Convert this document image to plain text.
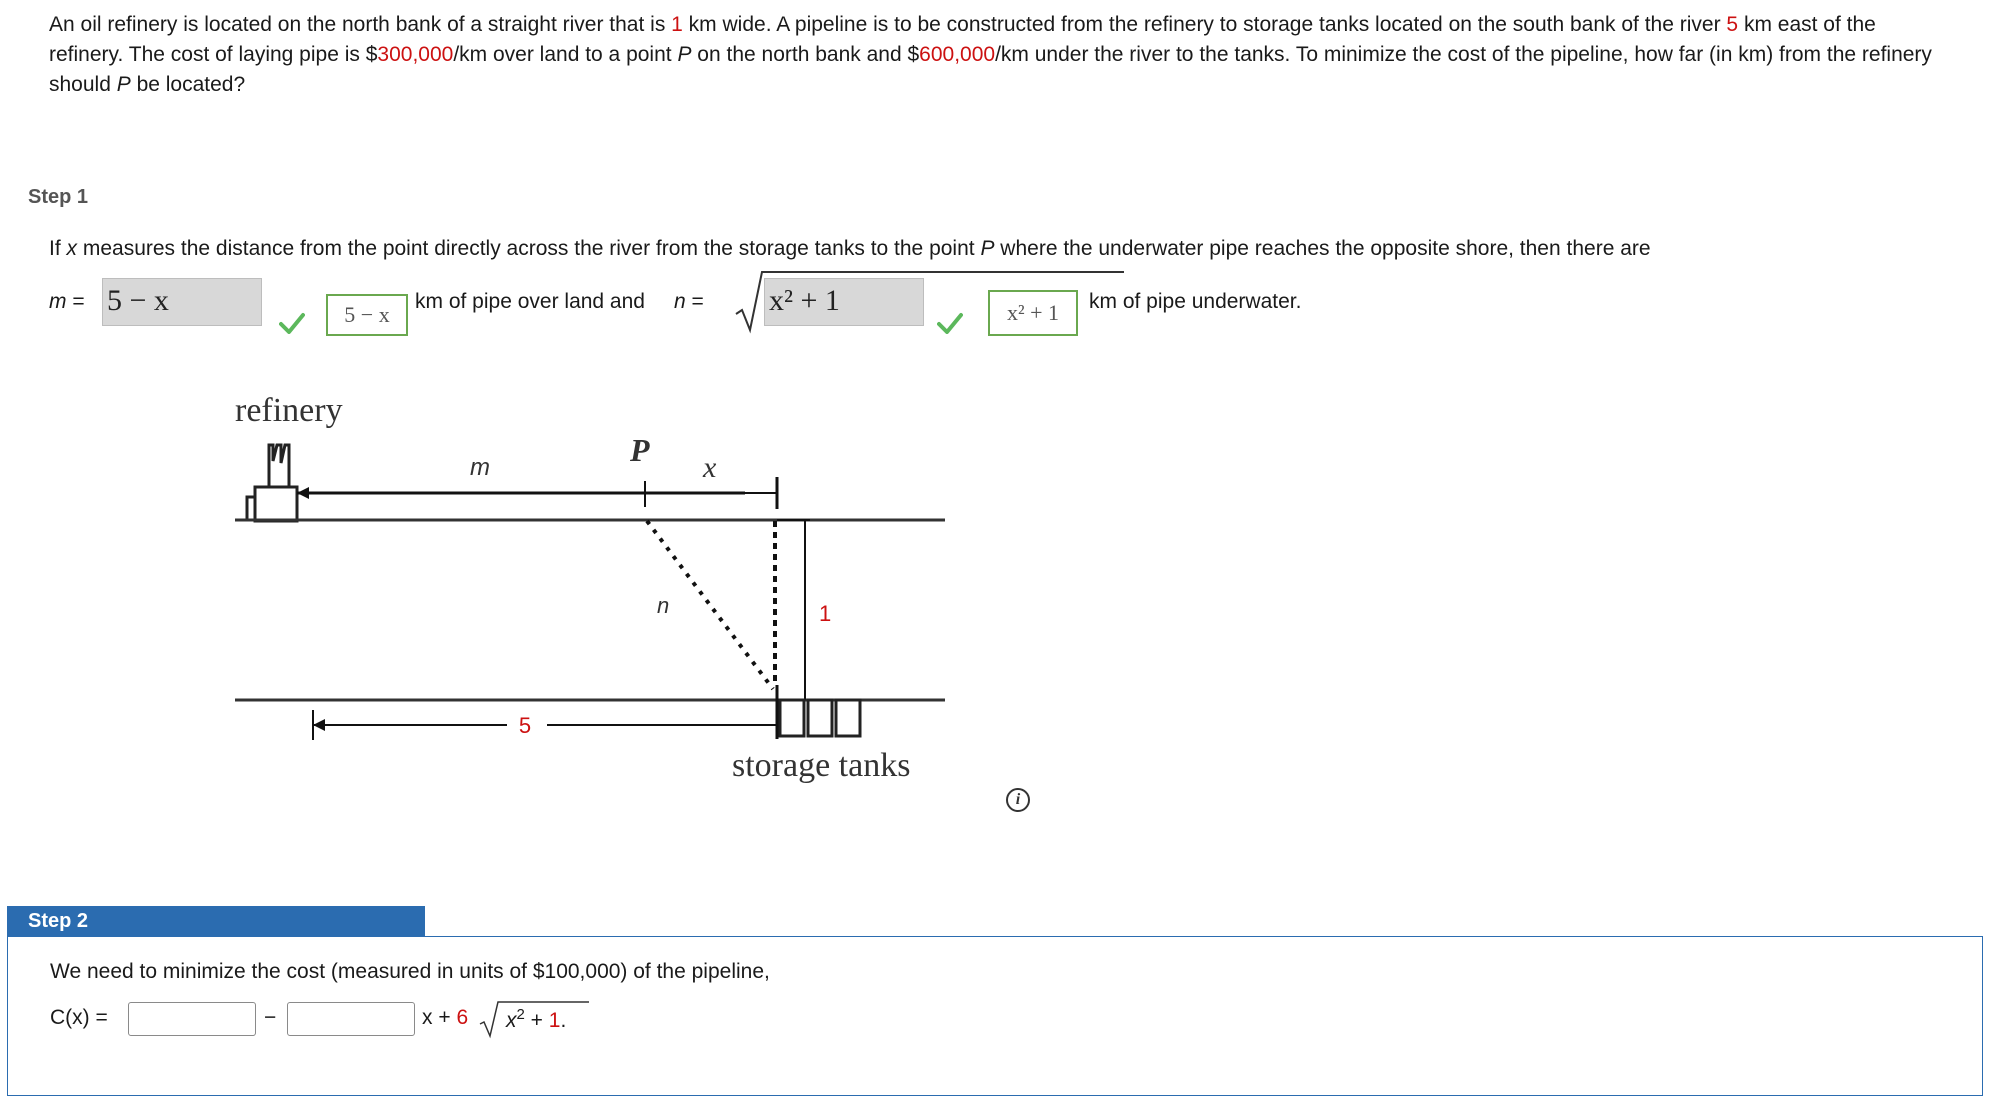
An oil refinery is located on the north bank of a straight river that is 1 km wide. A pipeline is to be constructed from the refinery to storage tanks located on the south bank of the river 5 km east of the refinery. The cost of laying pipe is $300,000/km over land to a point P on the north bank and $600,000/km under the river to the tanks. To minimize the cost of the pipeline, how far (in km) from the refinery should P be located?
Step 1
If x measures the distance from the point directly across the river from the storage tanks to the point P where the underwater pipe reaches the opposite shore, then there are
m = 5 − x	5 − x
km of pipe over land and n = x² + 1	x² + 1	km of pipe underwater.
refinery
m	P x
n	1
5
storage tanks
i
Step 2
We need to minimize the cost (measured in units of $100,000) of the pipeline,
C(x) =	−	x + 6 $x^2 + 1$.
